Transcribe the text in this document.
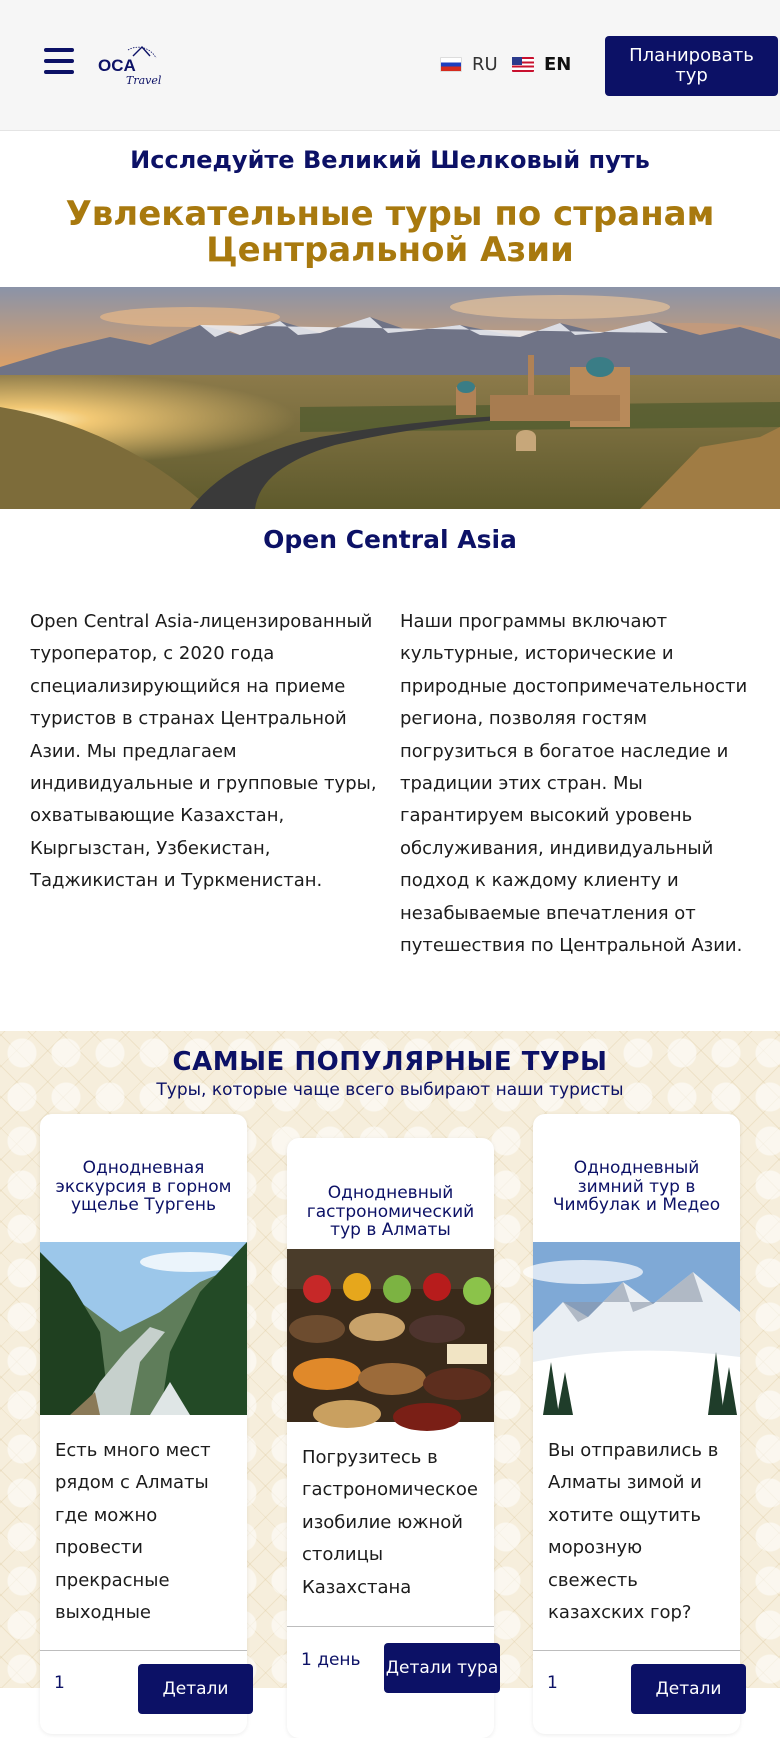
OCA
Travel
RU	EN	Планировать тур
Исследуйте Великий Шелковый путь
Увлекательные туры по странам Центральной Азии
Open Central Asia
Open Central Asia-лицензированный туроператор, с 2020 года специализирующийся на приеме туристов в странах Центральной Азии. Мы предлагаем индивидуальные и групповые туры, охватывающие Казахстан, Кыргызстан, Узбекистан, Таджикистан и Туркменистан.
Наши программы включают культурные, исторические и природные достопримечательности региона, позволяя гостям погрузиться в богатое наследие и традиции этих стран. Мы гарантируем высокий уровень обслуживания, индивидуальный подход к каждому клиенту и незабываемые впечатления от путешествия по Центральной Азии.
САМЫЕ ПОПУЛЯРНЫЕ ТУРЫ
Туры, которые чаще всего выбирают наши туристы
Однодневная экскурсия в горном ущелье Тургень
Есть много мест рядом с Алматы где можно провести прекрасные выходные
1	Детали
Однодневный гастрономический тур в Алматы
Погрузитесь в гастрономическое изобилие южной столицы Казахстана
1 день Детали тура
Однодневный зимний тур в Чимбулак и Медео
Вы отправились в Алматы зимой и хотите ощутить морозную свежесть казахских гор?
1	Детали
